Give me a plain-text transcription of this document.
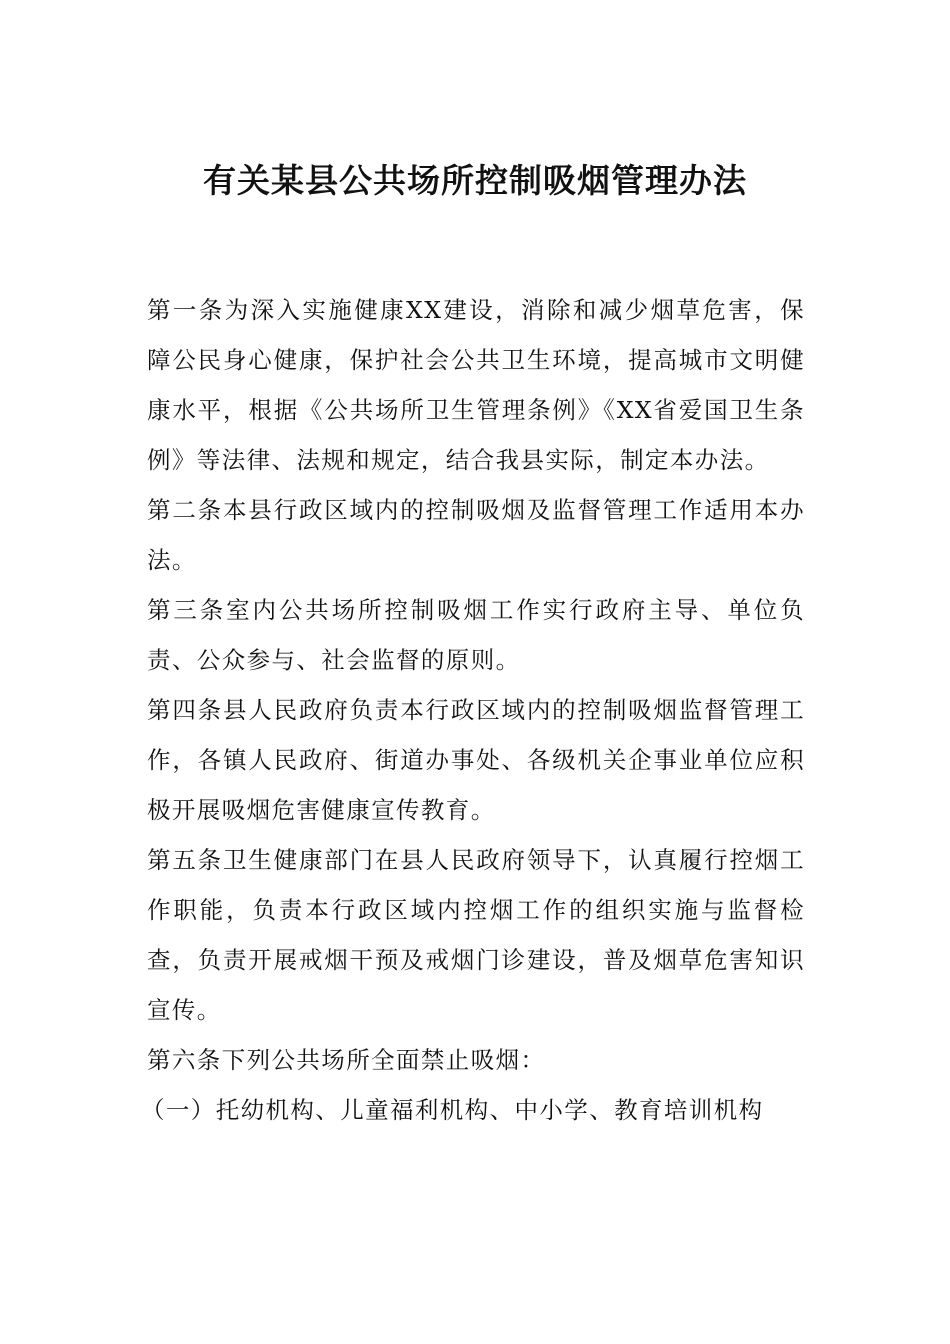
有关某县公共场所控制吸烟管理办法

第一条为深入实施健康XX建设，消除和减少烟草危害，保障公民身心健康，保护社会公共卫生环境，提高城市文明健康水平，根据《公共场所卫生管理条例》《XX省爱国卫生条例》等法律、法规和规定，结合我县实际，制定本办法。

第二条本县行政区域内的控制吸烟及监督管理工作适用本办法。

第三条室内公共场所控制吸烟工作实行政府主导、单位负责、公众参与、社会监督的原则。

第四条县人民政府负责本行政区域内的控制吸烟监督管理工作，各镇人民政府、街道办事处、各级机关企事业单位应积极开展吸烟危害健康宣传教育。

第五条卫生健康部门在县人民政府领导下，认真履行控烟工作职能，负责本行政区域内控烟工作的组织实施与监督检查，负责开展戒烟干预及戒烟门诊建设，普及烟草危害知识宣传。

第六条下列公共场所全面禁止吸烟：

（一）托幼机构、儿童福利机构、中小学、教育培训机构
